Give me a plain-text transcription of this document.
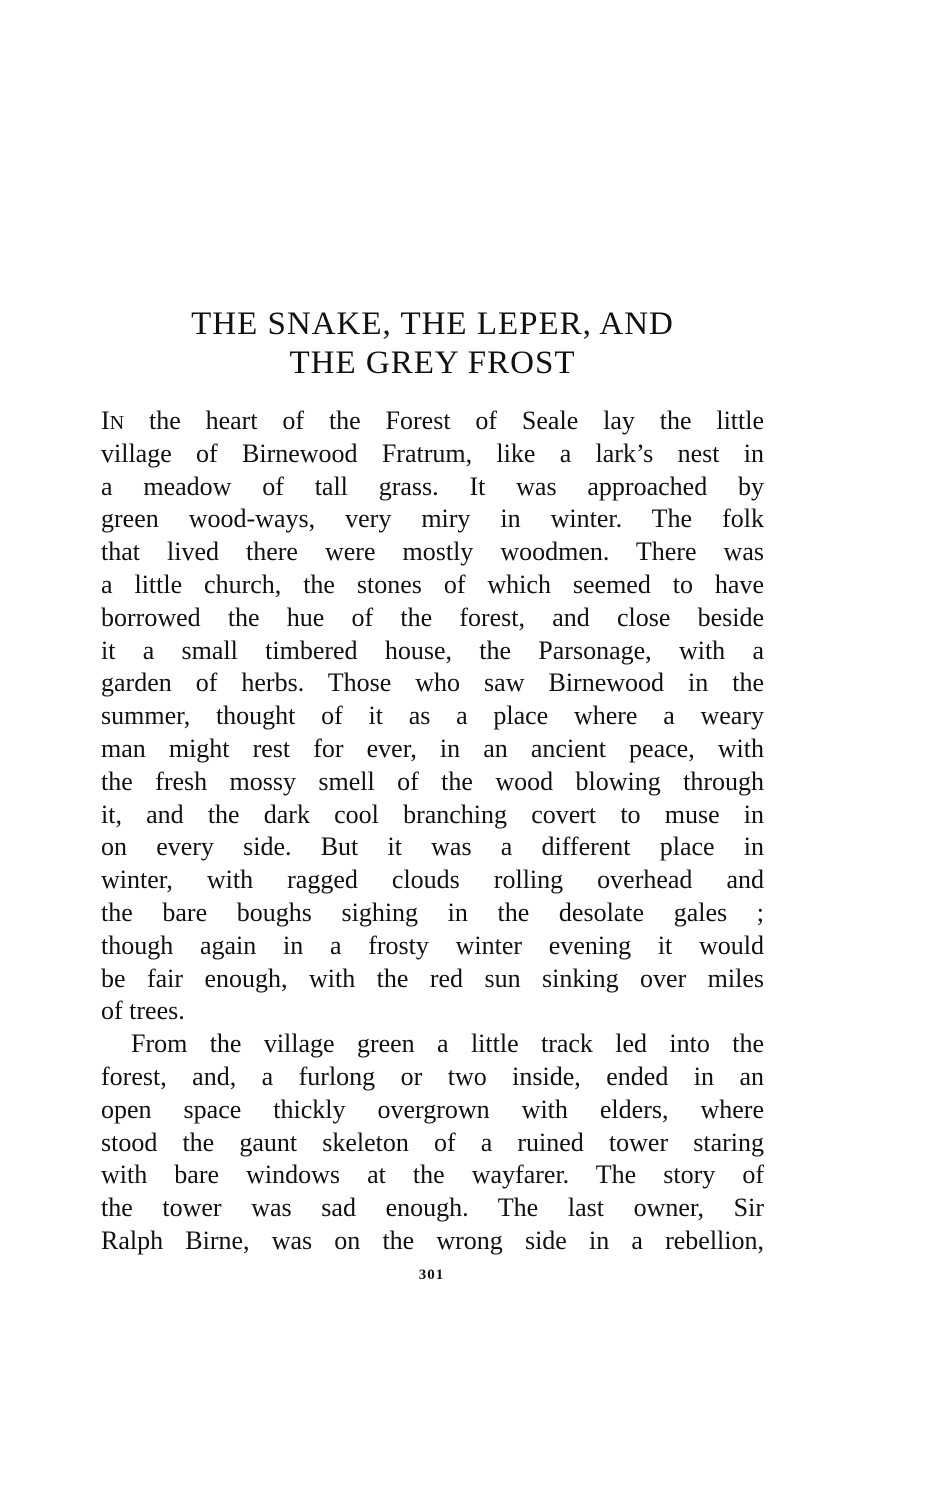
THE SNAKE, THE LEPER, AND
THE GREY FROST
IN the heart of the Forest of Seale lay the little
village of Birnewood Fratrum, like a lark’s nest in
a meadow of tall grass. It was approached by
green wood-ways, very miry in winter. The folk
that lived there were mostly woodmen. There was
a little church, the stones of which seemed to have
borrowed the hue of the forest, and close beside
it a small timbered house, the Parsonage, with a
garden of herbs. Those who saw Birnewood in the
summer, thought of it as a place where a weary
man might rest for ever, in an ancient peace, with
the fresh mossy smell of the wood blowing through
it, and the dark cool branching covert to muse in
on every side. But it was a different place in
winter, with ragged clouds rolling overhead and
the bare boughs sighing in the desolate gales ;
though again in a frosty winter evening it would
be fair enough, with the red sun sinking over miles
of trees.
From the village green a little track led into the
forest, and, a furlong or two inside, ended in an
open space thickly overgrown with elders, where
stood the gaunt skeleton of a ruined tower staring
with bare windows at the wayfarer. The story of
the tower was sad enough. The last owner, Sir
Ralph Birne, was on the wrong side in a rebellion,
301
